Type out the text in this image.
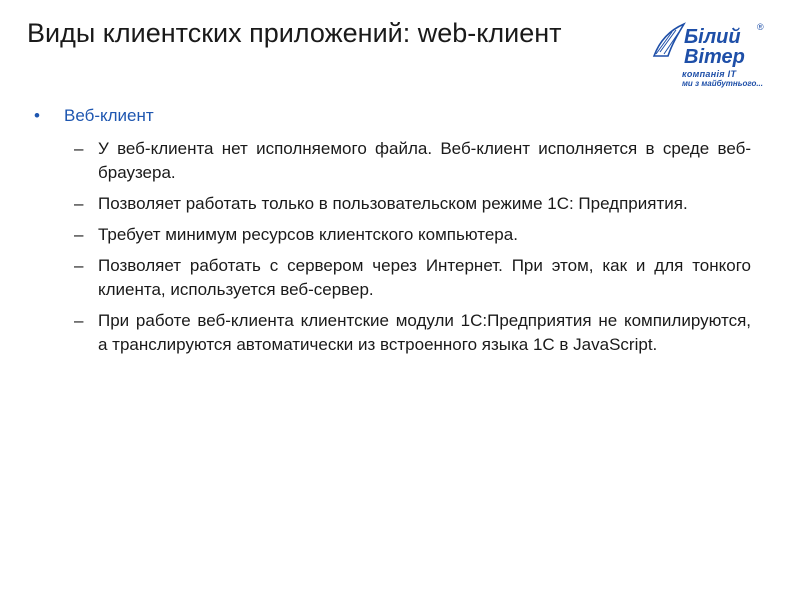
Виды клиентских приложений: web-клиент	Білий
Вітер
®
компанія ІТ
ми з майбутнього...
• Веб-клиент
– У веб-клиента нет исполняемого файла. Веб-клиент исполняется в среде веб-браузера.
– Позволяет работать только в пользовательском режиме 1С: Предприятия.
– Требует минимум ресурсов клиентского компьютера.
– Позволяет работать с сервером через Интернет. При этом, как и для тонкого клиента, используется веб-сервер.
– При работе веб-клиента клиентские модули 1С:Предприятия не компилируются, а транслируются автоматически из встроенного языка 1С в JavaScript.
